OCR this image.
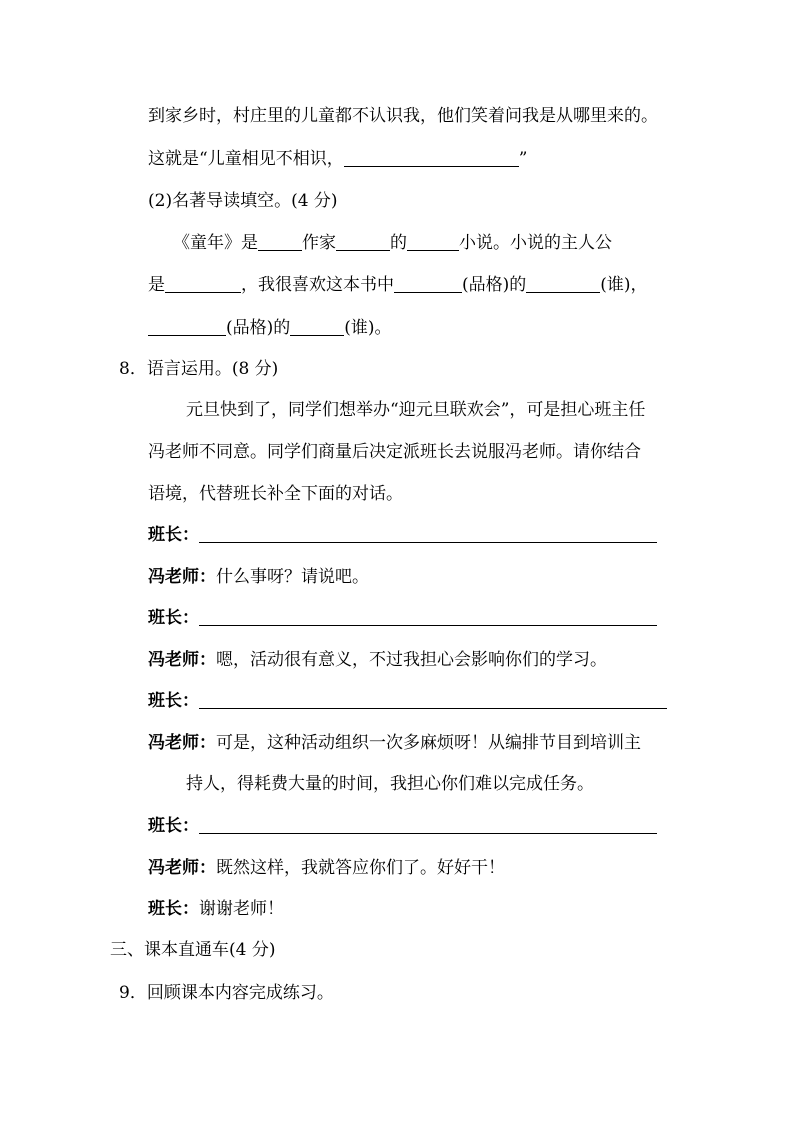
到家乡时，村庄里的儿童都不认识我，他们笑着问我是从哪里来的。
这就是“儿童相见不相识，	”
(2)名著导读填空。(4 分)
《童年》是	作家	的	小说。小说的主人公
是	，我很喜欢这本书中	(品格)的	(谁)，
(品格)的	(谁)。
8．语言运用。(8 分)
元旦快到了，同学们想举办“迎元旦联欢会”，可是担心班主任
冯老师不同意。同学们商量后决定派班长去说服冯老师。请你结合
语境，代替班长补全下面的对话。
班长：
冯老师：什么事呀？请说吧。
班长：
冯老师：嗯，活动很有意义，不过我担心会影响你们的学习。
班长：
冯老师：可是，这种活动组织一次多麻烦呀！从编排节目到培训主
持人，得耗费大量的时间，我担心你们难以完成任务。
班长：
冯老师：既然这样，我就答应你们了。好好干！
班长：谢谢老师！
三、课本直通车(4 分)
9．回顾课本内容完成练习。
